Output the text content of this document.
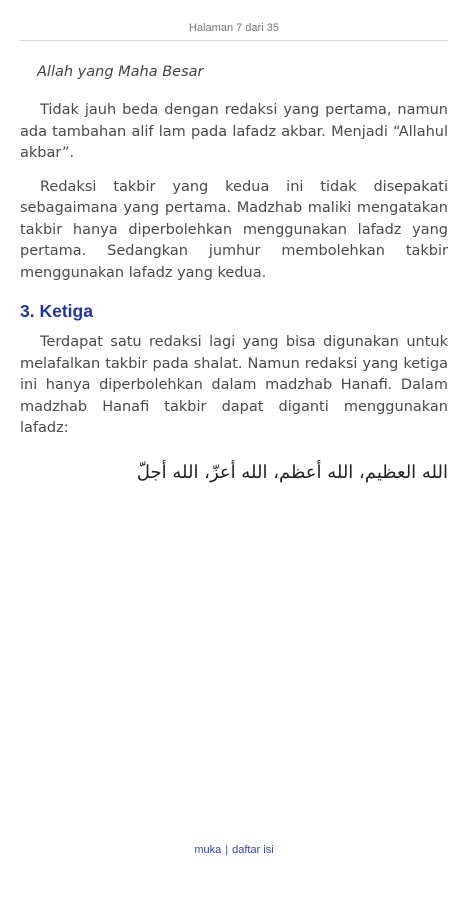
Halaman 7 dari 35

Allah yang Maha Besar

Tidak jauh beda dengan redaksi yang pertama, namun ada tambahan alif lam pada lafadz akbar. Menjadi “Allahul akbar”.

Redaksi takbir yang kedua ini tidak disepakati sebagaimana yang pertama. Madzhab maliki mengatakan takbir hanya diperbolehkan menggunakan lafadz yang pertama. Sedangkan jumhur membolehkan takbir menggunakan lafadz yang kedua.

3. Ketiga

Terdapat satu redaksi lagi yang bisa digunakan untuk melafalkan takbir pada shalat. Namun redaksi yang ketiga ini hanya diperbolehkan dalam madzhab Hanafi. Dalam madzhab Hanafi takbir dapat diganti menggunakan lafadz:

الله العظيم، الله أعظم، الله أعزّ، الله أجلّ

muka | daftar isi
